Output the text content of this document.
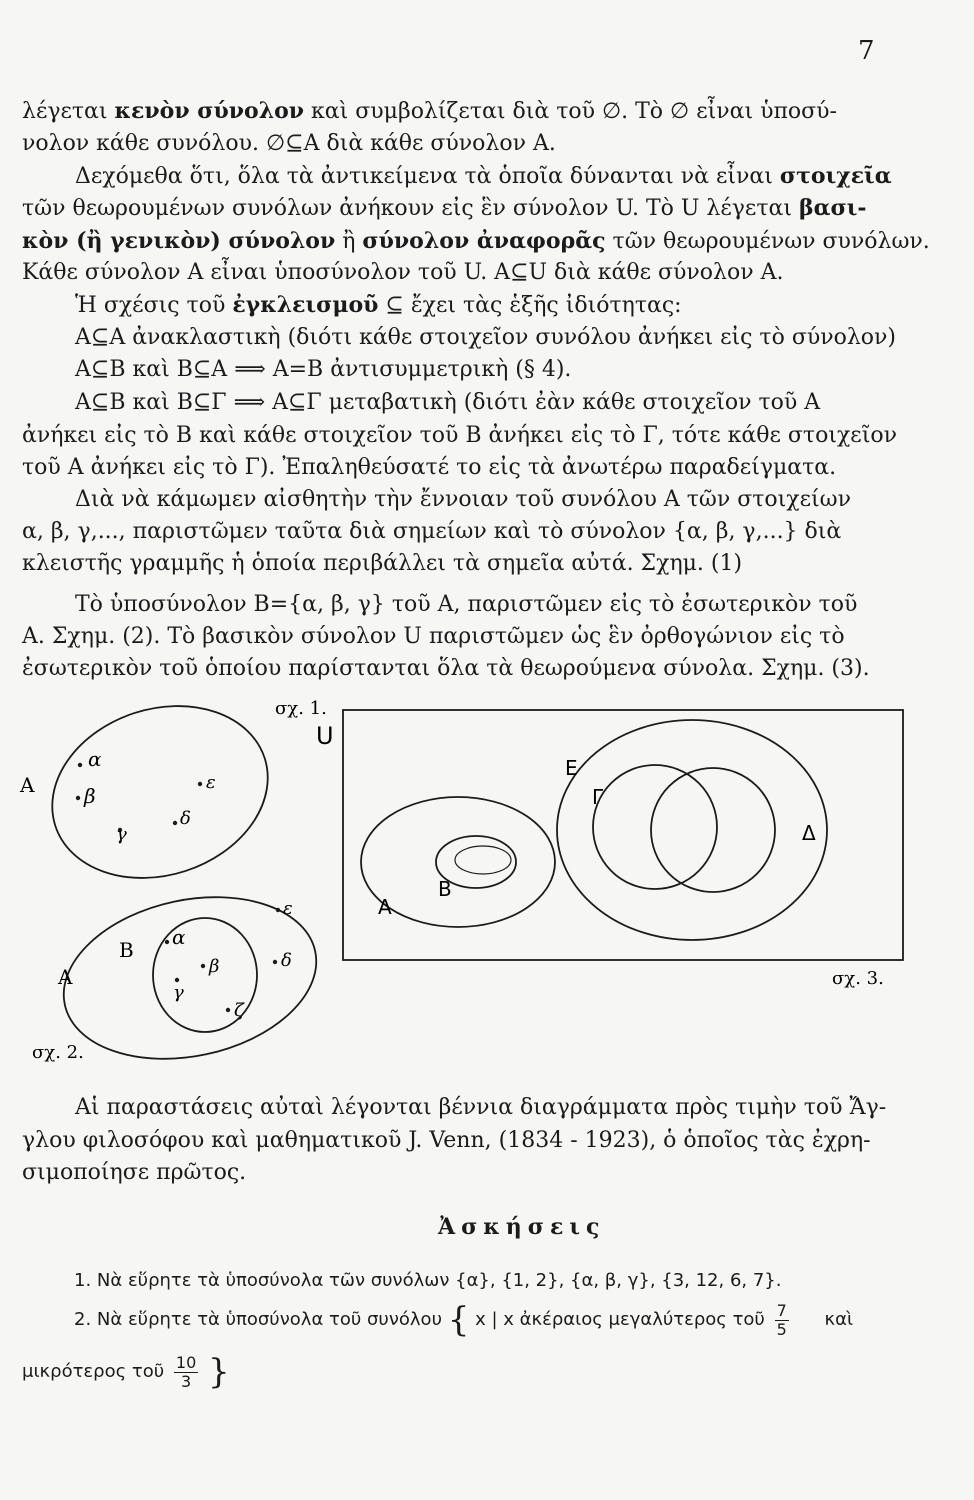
7
λέγεται κενὸν σύνολον καὶ συμβολίζεται διὰ τοῦ ∅. Τὸ ∅ εἶναι ὑποσύ-
νολον κάθε συνόλου. ∅⊆A διὰ κάθε σύνολον A.
Δεχόμεθα ὅτι, ὅλα τὰ ἀντικείμενα τὰ ὁποῖα δύνανται νὰ εἶναι στοιχεῖα
τῶν θεωρουμένων συνόλων ἀνήκουν εἰς ἓν σύνολον U. Τὸ U λέγεται βασι-
κὸν (ἢ γενικὸν) σύνολον ἢ σύνολον ἀναφορᾶς τῶν θεωρουμένων συνόλων.
Κάθε σύνολον A εἶναι ὑποσύνολον τοῦ U. A⊆U διὰ κάθε σύνολον A.
Ἡ σχέσις τοῦ ἐγκλεισμοῦ ⊆ ἔχει τὰς ἑξῆς ἰδιότητας:
A⊆A ἀνακλαστικὴ (διότι κάθε στοιχεῖον συνόλου ἀνήκει εἰς τὸ σύνολον)
A⊆B καὶ B⊆A ⟹ A=B ἀντισυμμετρικὴ (§ 4).
A⊆B καὶ B⊆Γ ⟹ A⊆Γ μεταβατικὴ (διότι ἐὰν κάθε στοιχεῖον τοῦ A
ἀνήκει εἰς τὸ B καὶ κάθε στοιχεῖον τοῦ B ἀνήκει εἰς τὸ Γ, τότε κάθε στοιχεῖον
τοῦ A ἀνήκει εἰς τὸ Γ). Ἐπαληθεύσατέ το εἰς τὰ ἀνωτέρω παραδείγματα.
Διὰ νὰ κάμωμεν αἰσθητὴν τὴν ἔννοιαν τοῦ συνόλου A τῶν στοιχείων
α, β, γ,..., παριστῶμεν ταῦτα διὰ σημείων καὶ τὸ σύνολον {α, β, γ,...} διὰ
κλειστῆς γραμμῆς ἡ ὁποία περιβάλλει τὰ σημεῖα αὐτά. Σχημ. (1)
Τὸ ὑποσύνολον B={α, β, γ} τοῦ A, παριστῶμεν εἰς τὸ ἐσωτερικὸν τοῦ
A. Σχημ. (2). Τὸ βασικὸν σύνολον U παριστῶμεν ὡς ἓν ὀρθογώνιον εἰς τὸ
ἐσωτερικὸν τοῦ ὁποίου παρίστανται ὅλα τὰ θεωρούμενα σύνολα. Σχημ. (3).
σχ. 1.
A
α
β
ε
δ
γ
A
B
α
β
γ
ε
δ
ζ
σχ. 2.
U
E
Γ
Δ
A
B
σχ. 3.
Αἱ παραστάσεις αὐταὶ λέγονται βέννια διαγράμματα πρὸς τιμὴν τοῦ Ἄγ-
γλου φιλοσόφου καὶ μαθηματικοῦ J. Venn, (1834 - 1923), ὁ ὁποῖος τὰς ἐχρη-
σιμοποίησε πρῶτος.
Ἀσκήσεις
1. Νὰ εὕρητε τὰ ὑποσύνολα τῶν συνόλων {α}, {1, 2}, {α, β, γ}, {3, 12, 6, 7}.
2. Νὰ εὕρητε τὰ ὑποσύνολα τοῦ συνόλου { x | x ἀκέραιος μεγαλύτερος τοῦ $\frac{7}{5}$ καὶ
μικρότερος τοῦ $\frac{10}{3}$ }
